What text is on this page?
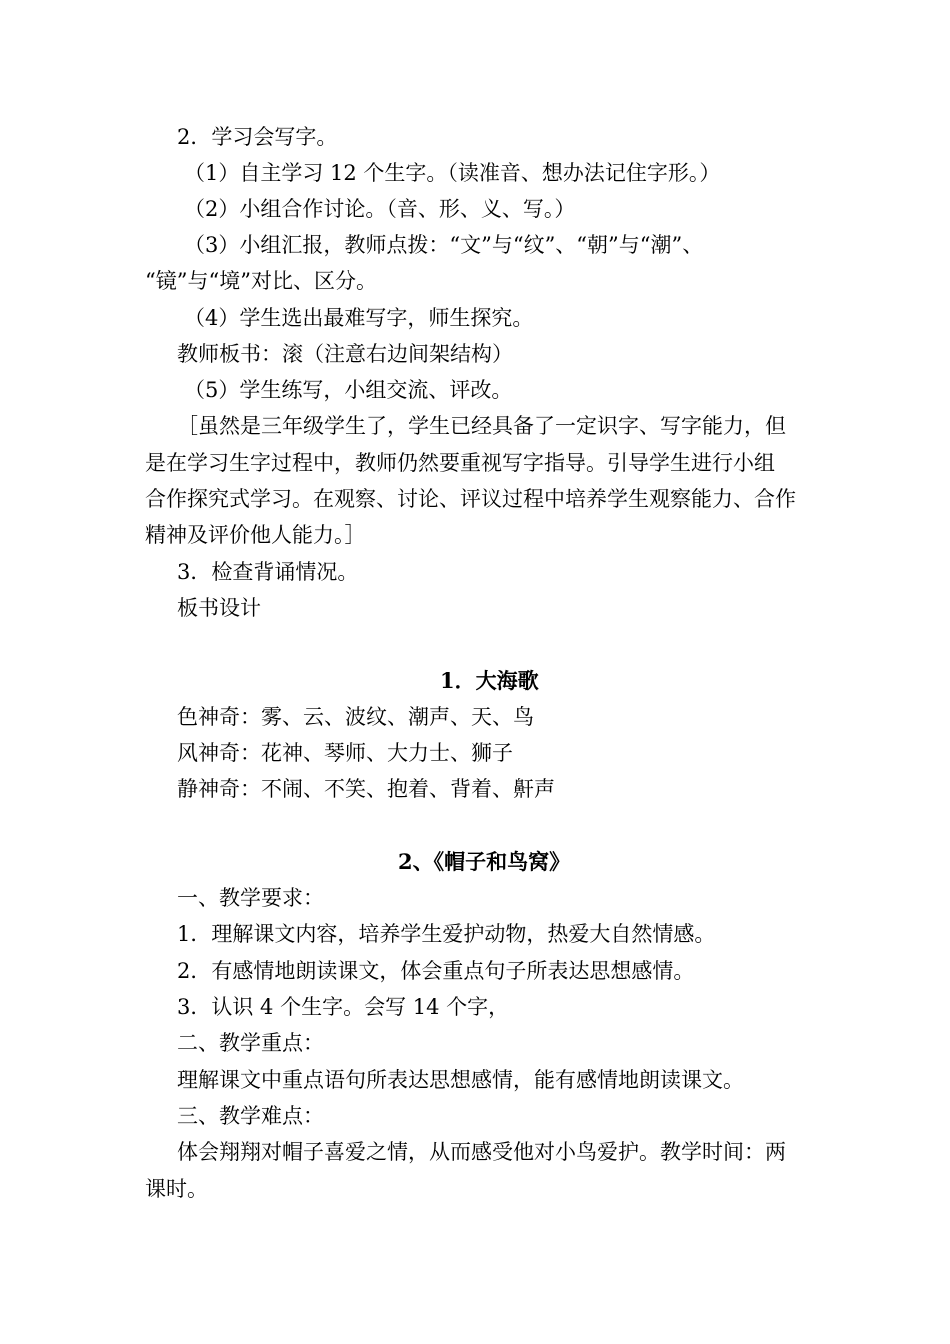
2．学习会写字。
（1）自主学习 12 个生字。（读准音、想办法记住字形。）
（2）小组合作讨论。（音、形、义、写。）
（3）小组汇报，教师点拨：“文”与“纹”、“朝”与“潮”、
“镜”与“境”对比、区分。
（4）学生选出最难写字，师生探究。
教师板书：滚（注意右边间架结构）
（5）学生练写，小组交流、评改。
［虽然是三年级学生了，学生已经具备了一定识字、写字能力，但
是在学习生字过程中，教师仍然要重视写字指导。引导学生进行小组
合作探究式学习。在观察、讨论、评议过程中培养学生观察能力、合作
精神及评价他人能力。］
3．检查背诵情况。
板书设计
1．大海歌
色神奇：雾、云、波纹、潮声、天、鸟
风神奇：花神、琴师、大力士、狮子
静神奇：不闹、不笑、抱着、背着、鼾声
2、《帽子和鸟窝》
一、教学要求：
1．理解课文内容，培养学生爱护动物，热爱大自然情感。
2．有感情地朗读课文，体会重点句子所表达思想感情。
3．认识 4 个生字。会写 14 个字，
二、教学重点：
理解课文中重点语句所表达思想感情，能有感情地朗读课文。
三、教学难点：
体会翔翔对帽子喜爱之情，从而感受他对小鸟爱护。教学时间：两
课时。
